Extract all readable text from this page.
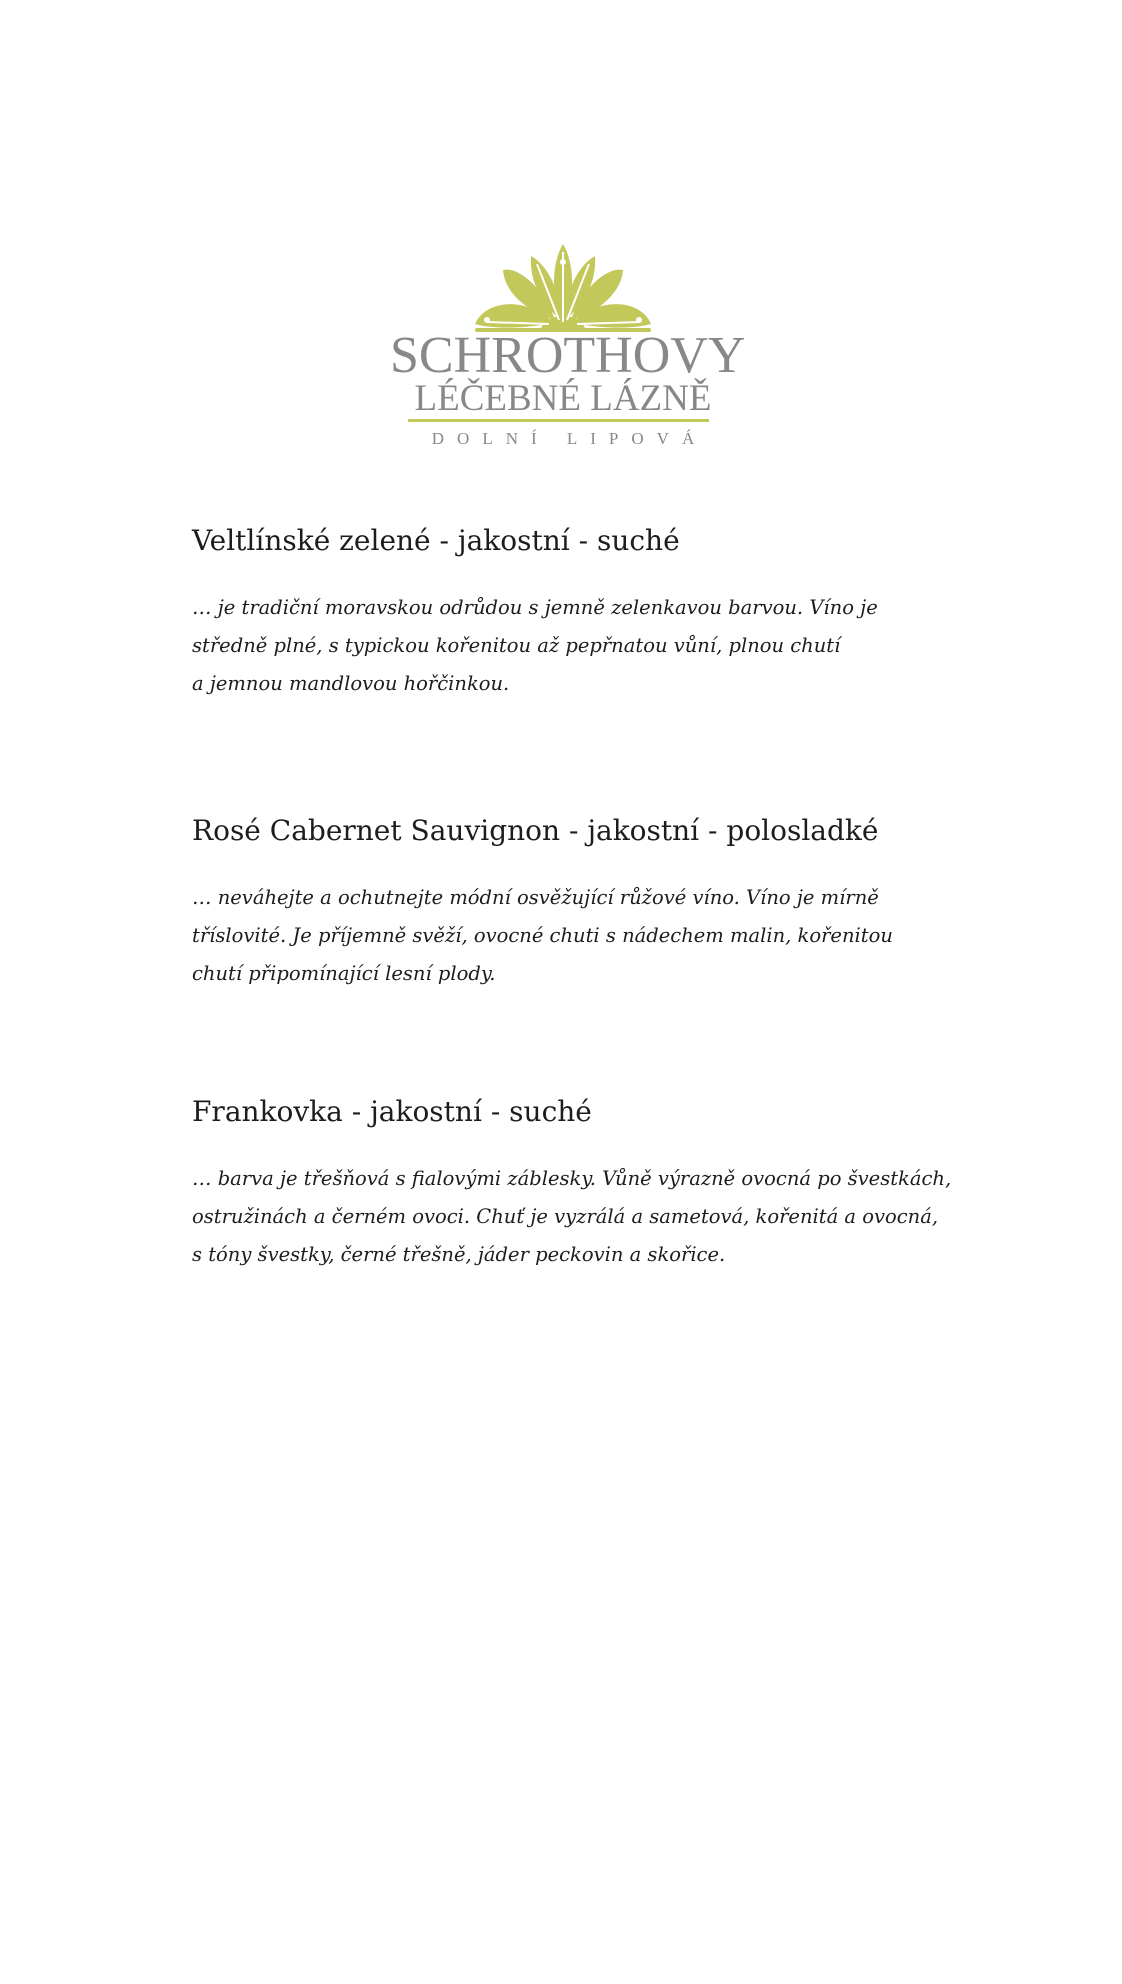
SCHROTHOVY
LÉČEBNÉ LÁZNĚ
DOLNÍ LIPOVÁ
Veltlínské zelené - jakostní - suché

… je tradiční moravskou odrůdou s jemně zelenkavou barvou. Víno je
středně plné, s typickou kořenitou až pepřnatou vůní, plnou chutí
a jemnou mandlovou hořčinkou.

Rosé Cabernet Sauvignon - jakostní - polosladké

… neváhejte a ochutnejte módní osvěžující růžové víno. Víno je mírně
tříslovité. Je příjemně svěží, ovocné chuti s nádechem malin, kořenitou
chutí připomínající lesní plody.

Frankovka - jakostní - suché

… barva je třešňová s fialovými záblesky. Vůně výrazně ovocná po švestkách,
ostružinách a černém ovoci. Chuť je vyzrálá a sametová, kořenitá a ovocná,
s tóny švestky, černé třešně, jáder peckovin a skořice.
